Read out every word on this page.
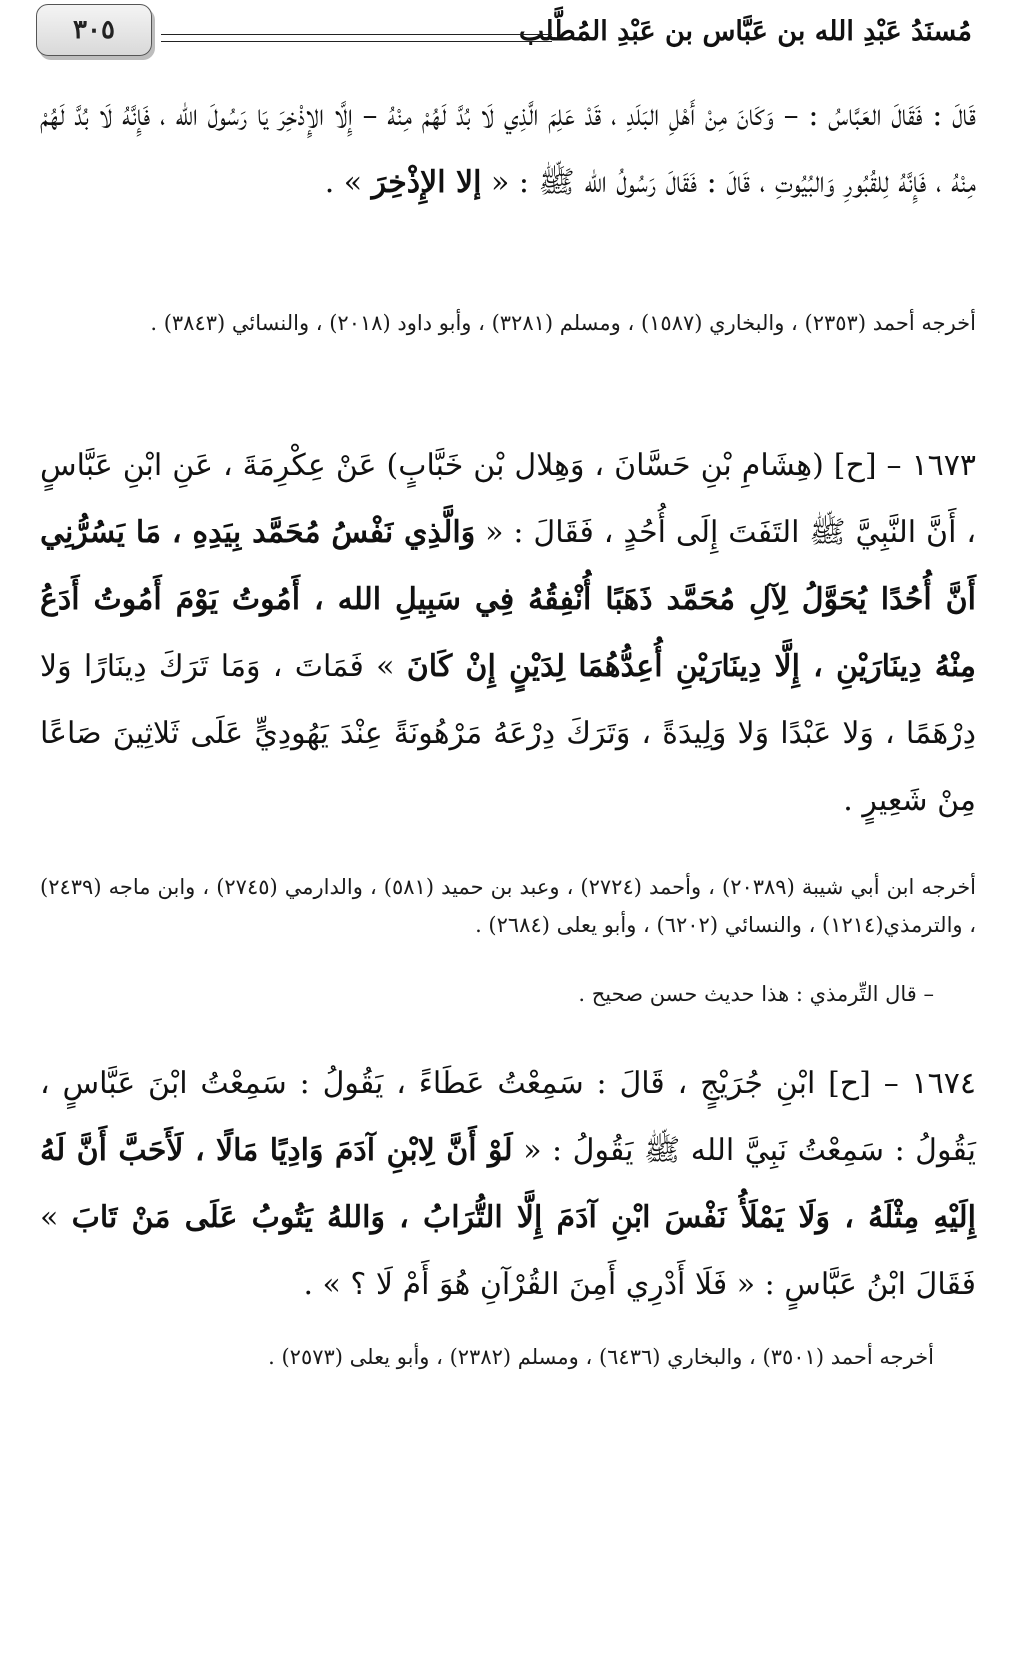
مُسنَدُ عَبْدِ الله بن عَبَّاس بن عَبْدِ المُطَّلب
٣٠٥
قَالَ : فَقَالَ العَبَّاسُ : – وَكَانَ مِنْ أَهْلِ البَلَدِ ، قَدْ عَلِمَ الَّذِي لَا بُدَّ لَهُمْ مِنْهُ – إِلَّا الإِذْخِرَ يَا رَسُولَ الله ، فَإِنَّهُ لَا بُدَّ لَهُمْ مِنْهُ ، فَإِنَّهُ لِلقُبُورِ وَالبُيُوتِ ، قَالَ : فَقَالَ رَسُولُ الله ﷺ : « إلا الإِذْخِرَ » .
أخرجه أحمد (٢٣٥٣) ، والبخاري (١٥٨٧) ، ومسلم (٣٢٨١) ، وأبو داود (٢٠١٨) ، والنسائي (٣٨٤٣) .
١٦٧٣ – [ح] (هِشَامِ بْنِ حَسَّانَ ، وَهِلال بْن خَبَّابٍ) عَنْ عِكْرِمَةَ ، عَنِ ابْنِ عَبَّاسٍ ، أَنَّ النَّبِيَّ ﷺ التَفَتَ إِلَى أُحُدٍ ، فَقَالَ : « وَالَّذِي نَفْسُ مُحَمَّد بِيَدِهِ ، مَا يَسُرُّنِي أَنَّ أُحُدًا يُحَوَّلُ لِآلِ مُحَمَّد ذَهَبًا أُنْفِقُهُ فِي سَبِيلِ الله ، أَمُوتُ يَوْمَ أَمُوتُ أَدَعُ مِنْهُ دِينَارَيْنِ ، إِلَّا دِينَارَيْنِ أُعِدُّهُمَا لِدَيْنٍ إِنْ كَانَ » فَمَاتَ ، وَمَا تَرَكَ دِينَارًا وَلا دِرْهَمًا ، وَلا عَبْدًا وَلا وَلِيدَةً ، وَتَرَكَ دِرْعَهُ مَرْهُونَةً عِنْدَ يَهُودِيٍّ عَلَى ثَلاثِينَ صَاعًا مِنْ شَعِيرٍ .
أخرجه ابن أبي شيبة (٢٠٣٨٩) ، وأحمد (٢٧٢٤) ، وعبد بن حميد (٥٨١) ، والدارمي (٢٧٤٥) ، وابن ماجه (٢٤٣٩) ، والترمذي(١٢١٤) ، والنسائي (٦٢٠٢) ، وأبو يعلى (٢٦٨٤) .
– قال التِّرمذي : هذا حديث حسن صحيح .
١٦٧٤ – [ح] ابْنِ جُرَيْجٍ ، قَالَ : سَمِعْتُ عَطَاءً ، يَقُولُ : سَمِعْتُ ابْنَ عَبَّاسٍ ، يَقُولُ : سَمِعْتُ نَبِيَّ الله ﷺ يَقُولُ : « لَوْ أَنَّ لِابْنِ آدَمَ وَادِيًا مَالًا ، لَأَحَبَّ أَنَّ لَهُ إِلَيْهِ مِثْلَهُ ، وَلَا يَمْلَأُ نَفْسَ ابْنِ آدَمَ إِلَّا التُّرَابُ ، وَاللهُ يَتُوبُ عَلَى مَنْ تَابَ » فَقَالَ ابْنُ عَبَّاسٍ : « فَلَا أَدْرِي أَمِنَ القُرْآنِ هُوَ أَمْ لَا ؟ » .
أخرجه أحمد (٣٥٠١) ، والبخاري (٦٤٣٦) ، ومسلم (٢٣٨٢) ، وأبو يعلى (٢٥٧٣) .
